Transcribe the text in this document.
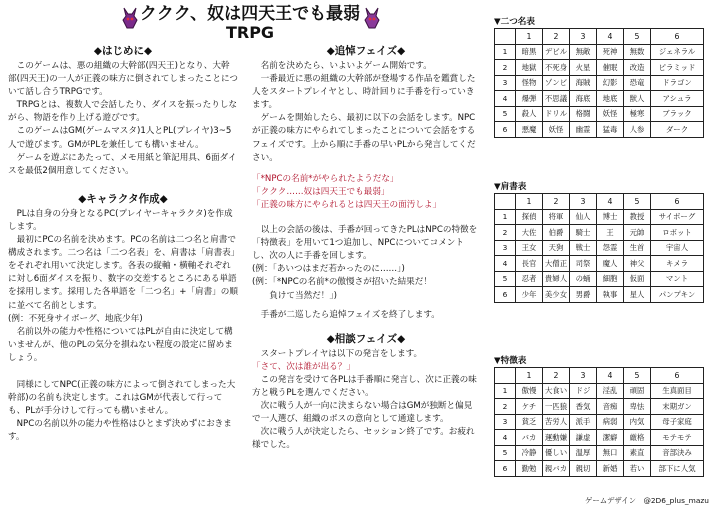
ククク、奴は四天王でも最弱
TRPG
◆はじめに◆

　このゲームは、悪の組織の大幹部(四天王)となり、大幹部(四天王)の一人が正義の味方に倒されてしまったことについて話し合うTRPGです。

　TRPGとは、複数人で会話したり、ダイスを振ったりしながら、物語を作り上げる遊びです。

　このゲームはGM(ゲームマスタ)1人とPL(プレイヤ)3~5人で遊びます。GMがPLを兼任しても構いません。

　ゲームを遊ぶにあたって、メモ用紙と筆記用具、6面ダイスを最低2個用意してください。

◆キャラクタ作成◆

　PLは自身の分身となるPC(プレイヤーキャラクタ)を作成します。

　最初にPCの名前を決めます。PCの名前は二つ名と肩書で構成されます。二つ名は「二つ名表」を、肩書は「肩書表」をそれぞれ用いて決定します。各表の縦軸・横軸それぞれに対し6面ダイスを振り、数字の交差するところにある単語を採用します。採用した各単語を「二つ名」+「肩書」の順に並べて名前とします。

(例：不死身サイボーグ、地底少年)

　名前以外の能力や性格についてはPLが自由に決定して構いませんが、他のPLの気分を損ねない程度の設定に留めましょう。

　同様にしてNPC(正義の味方によって倒されてしまった大幹部)の名前も決定します。これはGMが代表して行っても、PLが手分けして行っても構いません。

　NPCの名前以外の能力や性格はひとまず決めずにおきます。

◆追悼フェイズ◆

　名前を決めたら、いよいよゲーム開始です。

　一番最近に悪の組織の大幹部が登場する作品を鑑賞した人をスタートプレイヤとし、時計回りに手番を行っていきます。

　ゲームを開始したら、最初に以下の会話をします。NPCが正義の味方にやられてしまったことについて会話をするフェイズです。上から順に手番の早いPLから発言してください。

「*NPCの名前*がやられたようだな」

「ククク……奴は四天王でも最弱」

「正義の味方にやられるとは四天王の面汚しよ」

　以上の会話の後は、手番が回ってきたPLはNPCの特徴を「特徴表」を用いて1つ追加し、NPCについてコメントし、次の人に手番を回します。

(例：「あいつはまだ若かったのに……」)

(例：「*NPCの名前*の傲慢さが招いた結果だ！

　　負けて当然だ！」)

　手番が二巡したら追悼フェイズを終了します。

◆相談フェイズ◆

　スタートプレイヤは以下の発言をします。

「さて、次は誰が出る？」

　この発言を受けて各PLは手番順に発言し、次に正義の味方と戦うPLを選んでください。

　次に戦う人が一向に決まらない場合はGMが独断と偏見で一人選び、組織のボスの意向として通達します。

　次に戦う人が決定したら、セッション終了です。お疲れ様でした。

▼二つ名表
	1	2	3	4	5	6
1	暗黒	デビル	無敵	死神	無数	ジェネラル
2	地獄	不死身	火星	催眠	改造	ピラミッド
3	怪物	ゾンビ	海賊	幻影	恐竜	ドラゴン
4	爆弾	不思議	海底	地底	獣人	アシュラ
5	殺人	ドリル	格闘	妖怪	極寒	ブラック
6	悪魔	妖怪	幽霊	猛毒	人参	ダーク
▼肩書表
	1	2	3	4	5	6
1	探偵	将軍	仙人	博士	教授	サイボーグ
2	大佐	伯爵	騎士	王	元帥	ロボット
3	王女	天狗	戦士	怨霊	生首	宇宙人
4	長官	大僧正	司祭	魔人	神父	キメラ
5	忍者	貴婦人	の蛹	細胞	仮面	マント
6	少年	美少女	男爵	執事	星人	パンプキン
▼特徴表
	1	2	3	4	5	6
1	傲慢	大食い	ドジ	淫乱	頑固	生真面目
2	ケチ	一匹狼	香気	音痴	卑怯	末期ガン
3	貧乏	苦労人	派手	病弱	内気	母子家庭
4	バカ	運動嫌	謙虚	潔癖	厳格	モテモテ
5	冷静	優しい	温厚	無口	素直	音部決み
6	勤勉	親バカ	親切	新婚	若い	部下に人気
ゲームデザイン　@2D6_plus_mazu
